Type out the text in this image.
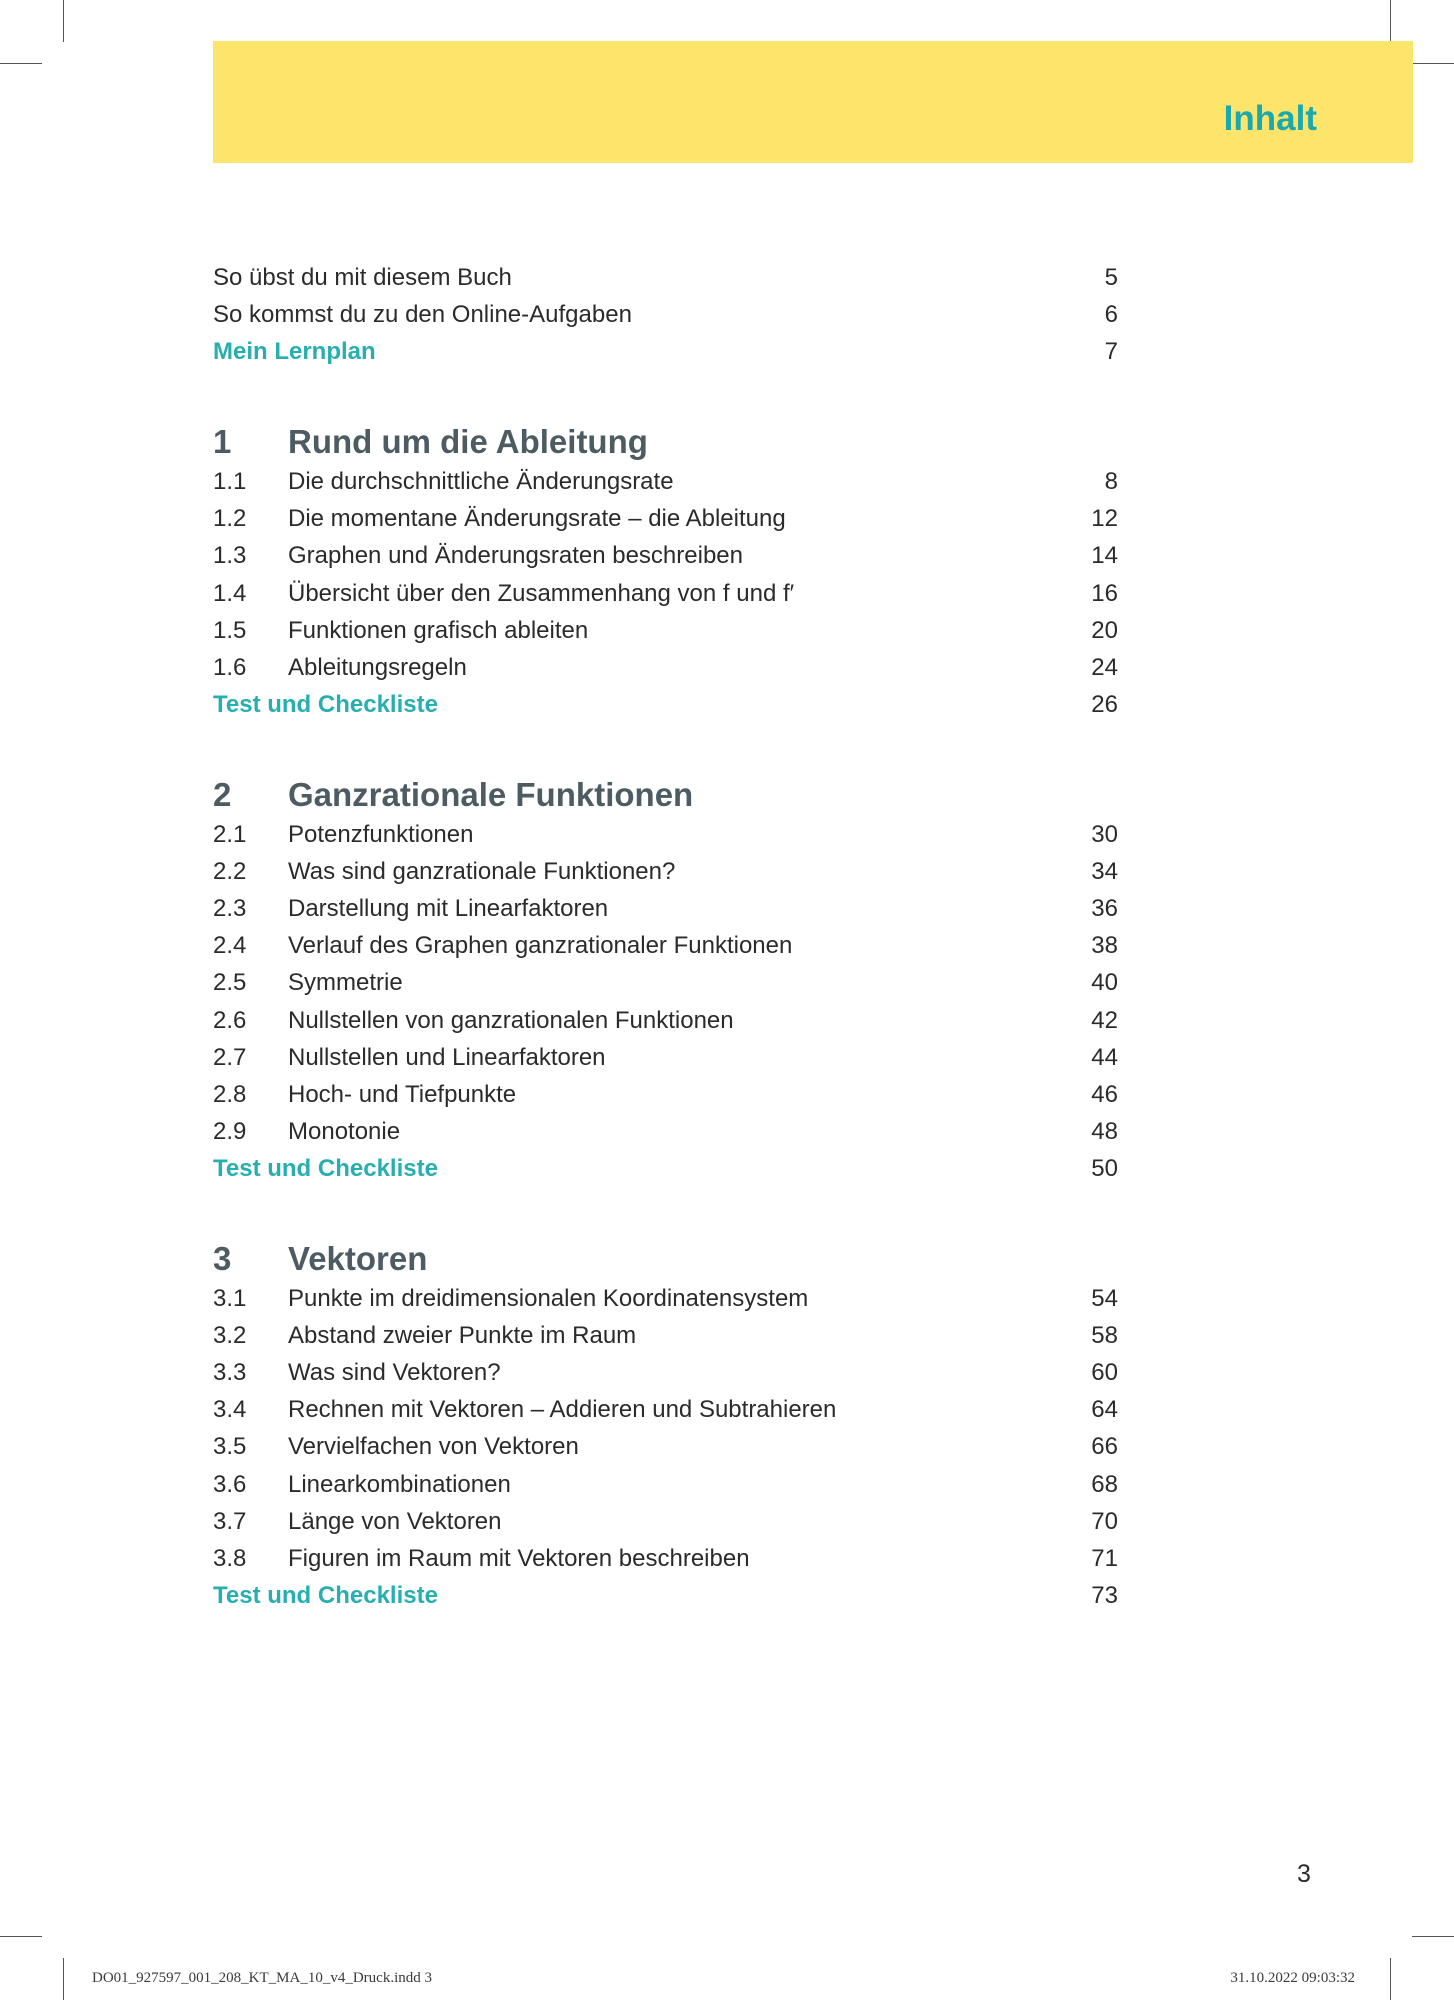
Inhalt
So übst du mit diesem Buch	5
So kommst du zu den Online-Aufgaben	6
Mein Lernplan	7
1 Rund um die Ableitung
1.1 Die durchschnittliche Änderungsrate	8
1.2 Die momentane Änderungsrate – die Ableitung	12
1.3 Graphen und Änderungsraten beschreiben	14
1.4 Übersicht über den Zusammenhang von f und f′	16
1.5 Funktionen grafisch ableiten	20
1.6 Ableitungsregeln	24
Test und Checkliste	26
2 Ganzrationale Funktionen
2.1 Potenzfunktionen	30
2.2 Was sind ganzrationale Funktionen?	34
2.3 Darstellung mit Linearfaktoren	36
2.4 Verlauf des Graphen ganzrationaler Funktionen	38
2.5 Symmetrie	40
2.6 Nullstellen von ganzrationalen Funktionen	42
2.7 Nullstellen und Linearfaktoren	44
2.8 Hoch- und Tiefpunkte	46
2.9 Monotonie	48
Test und Checkliste	50
3 Vektoren
3.1 Punkte im dreidimensionalen Koordinatensystem	54
3.2 Abstand zweier Punkte im Raum	58
3.3 Was sind Vektoren?	60
3.4 Rechnen mit Vektoren – Addieren und Subtrahieren	64
3.5 Vervielfachen von Vektoren	66
3.6 Linearkombinationen	68
3.7 Länge von Vektoren	70
3.8 Figuren im Raum mit Vektoren beschreiben	71
Test und Checkliste	73
3
DO01_927597_001_208_KT_MA_10_v4_Druck.indd 3	31.10.2022 09:03:32
